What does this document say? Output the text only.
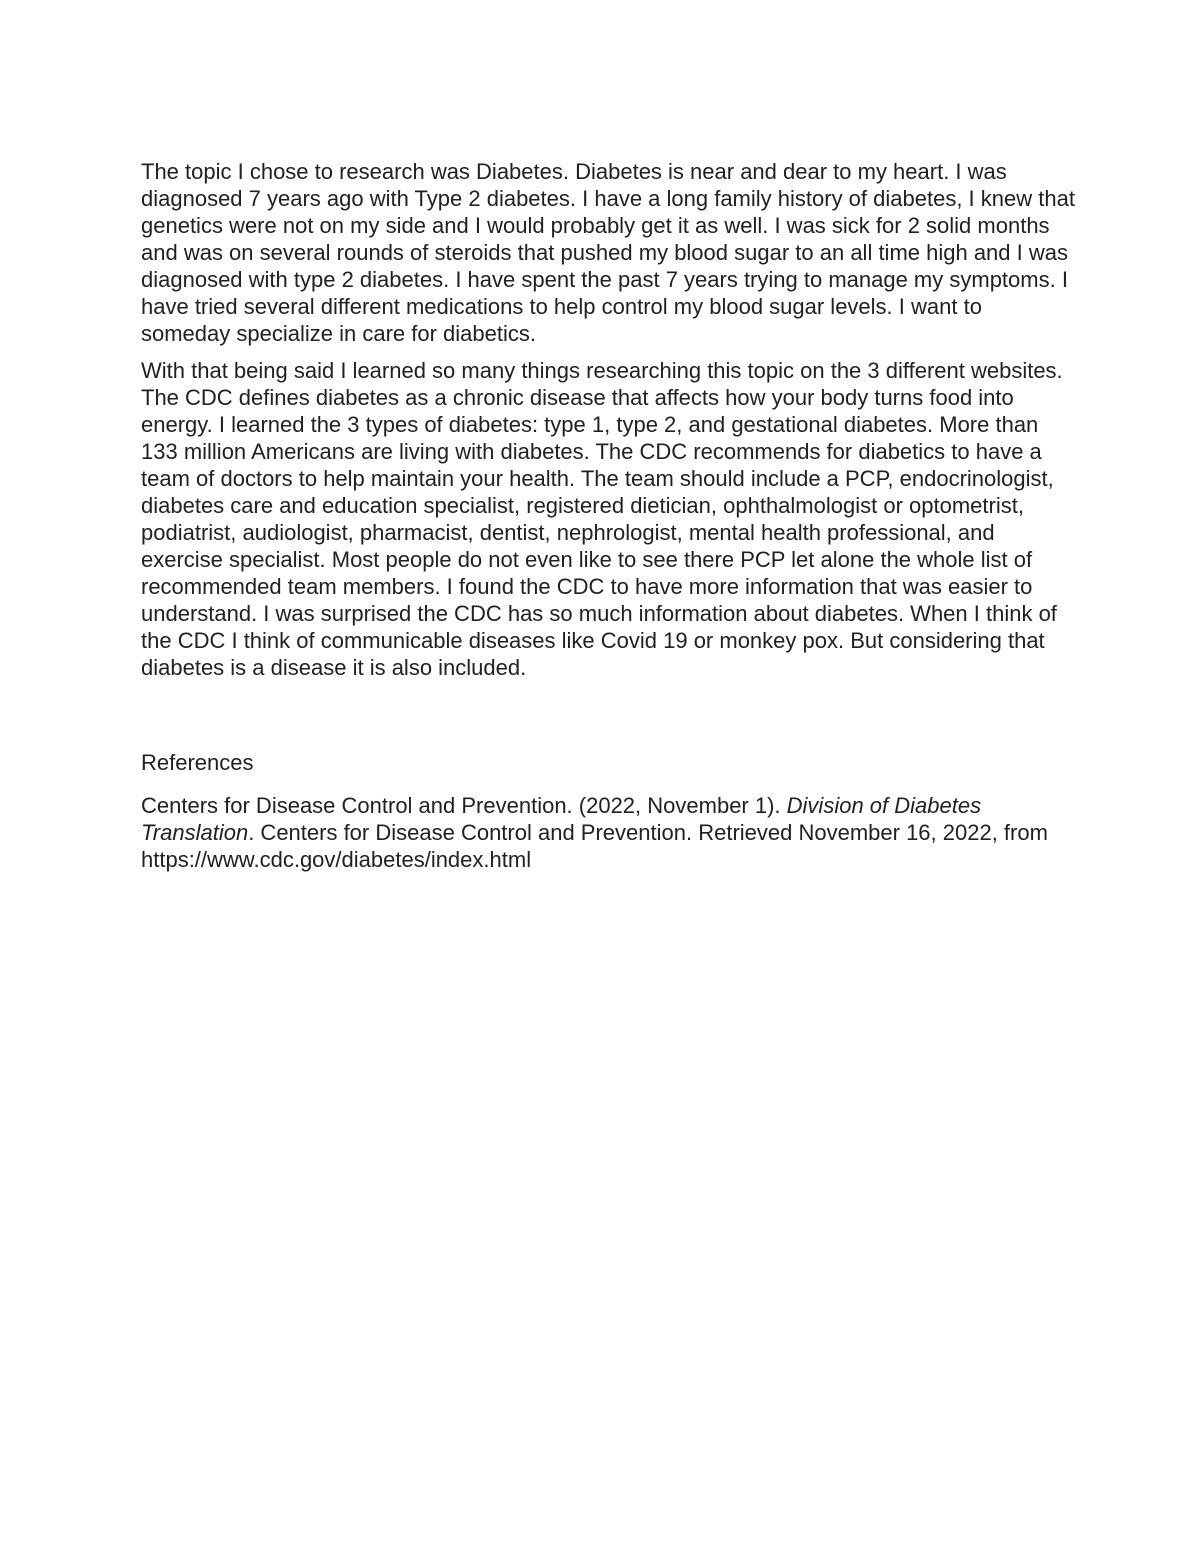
The topic I chose to research was Diabetes. Diabetes is near and dear to my heart. I was diagnosed 7 years ago with Type 2 diabetes. I have a long family history of diabetes, I knew that genetics were not on my side and I would probably get it as well. I was sick for 2 solid months and was on several rounds of steroids that pushed my blood sugar to an all time high and I was diagnosed with type 2 diabetes. I have spent the past 7 years trying to manage my symptoms. I have tried several different medications to help control my blood sugar levels. I want to someday specialize in care for diabetics.

With that being said I learned so many things researching this topic on the 3 different websites. The CDC defines diabetes as a chronic disease that affects how your body turns food into energy. I learned the 3 types of diabetes: type 1, type 2, and gestational diabetes. More than 133 million Americans are living with diabetes. The CDC recommends for diabetics to have a team of doctors to help maintain your health. The team should include a PCP, endocrinologist, diabetes care and education specialist, registered dietician, ophthalmologist or optometrist, podiatrist, audiologist, pharmacist, dentist, nephrologist, mental health professional, and exercise specialist. Most people do not even like to see there PCP let alone the whole list of recommended team members. I found the CDC to have more information that was easier to understand. I was surprised the CDC has so much information about diabetes. When I think of the CDC I think of communicable diseases like Covid 19 or monkey pox. But considering that diabetes is a disease it is also included.

References

Centers for Disease Control and Prevention. (2022, November 1). Division of Diabetes Translation. Centers for Disease Control and Prevention. Retrieved November 16, 2022, from https://www.cdc.gov/diabetes/index.html
